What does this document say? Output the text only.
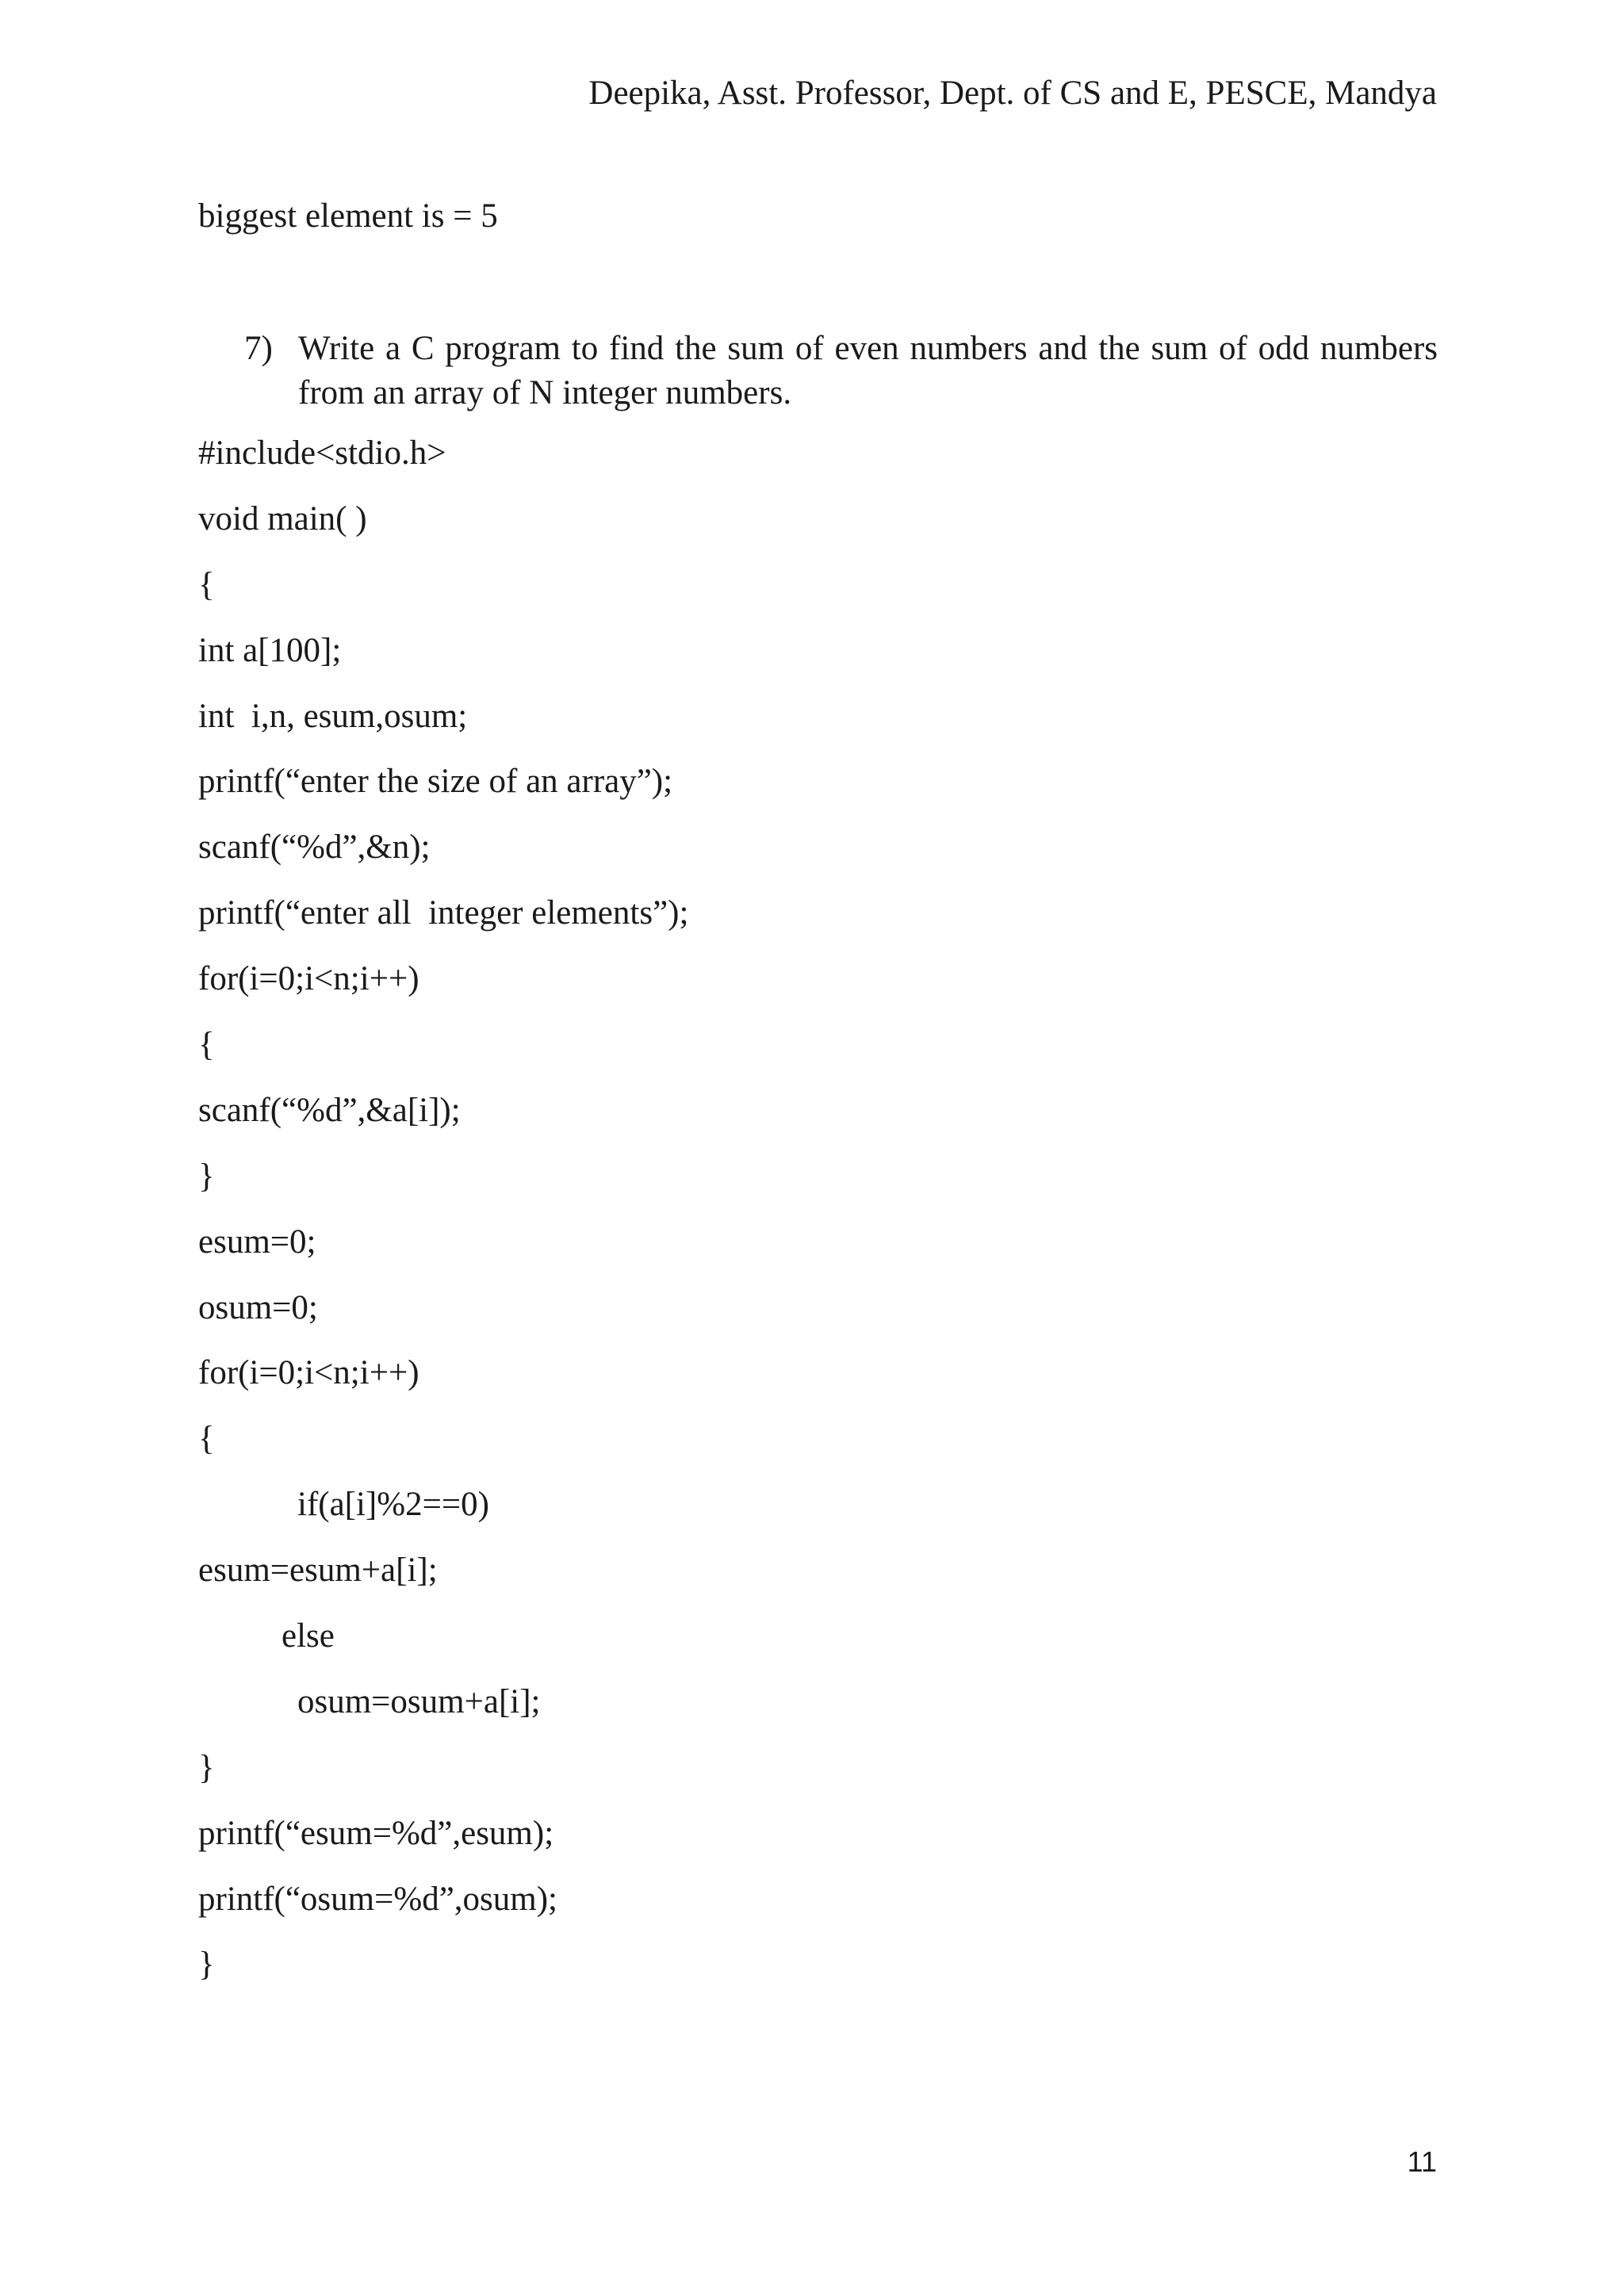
Deepika, Asst. Professor, Dept. of CS and E, PESCE, Mandya
biggest element is = 5
7) Write a C program to find the sum of even numbers and the sum of odd numbers from an array of N integer numbers.
#include<stdio.h>
void main( )
{
int a[100];
int  i,n, esum,osum;
printf(“enter the size of an array”);
scanf(“%d”,&n);
printf(“enter all  integer elements”);
for(i=0;i<n;i++)
{
scanf(“%d”,&a[i]);
}
esum=0;
osum=0;
for(i=0;i<n;i++)
{
if(a[i]%2==0)
esum=esum+a[i];
else
osum=osum+a[i];
}
printf(“esum=%d”,esum);
printf(“osum=%d”,osum);
}
11
